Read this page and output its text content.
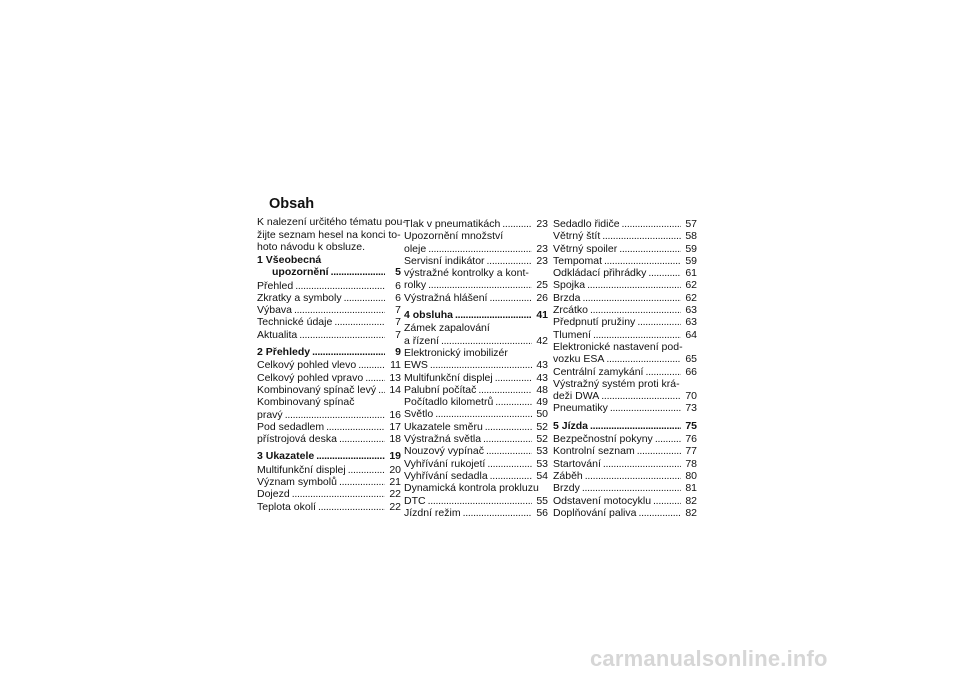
Obsah
K nalezení určitého tématu pou-
žijte seznam hesel na konci to-
hoto návodu k obsluze.
1 Všeobecná
upozornění . . .	5
Přehled . . .	6
Zkratky a symboly . . .	6
Výbava . . .	7
Technické údaje . . .	7
Aktualita . . .	7
2 Přehledy . . .	9
Celkový pohled vlevo . . .	11
Celkový pohled vpravo . . . 13
Kombinovaný spínač levý . . . 14
Kombinovaný spínač
pravý . . .	16
Pod sedadlem . . .	17
přístrojová deska . . .	18
3 Ukazatele . . .	19
Multifunkční displej . . .	20
Význam symbolů . . .	21
Dojezd . . .	22
Teplota okolí . . .	22
Tlak v pneumatikách . . .	23
Upozornění množství
oleje . . .	23
Servisní indikátor . . .	23
výstražné kontrolky a kont-
rolky . . .	25
Výstražná hlášení . . .	26
4 obsluha . . .	41
Zámek zapalování
a řízení . . .	42
Elektronický imobilizér
EWS . . .	43
Multifunkční displej . . .	43
Palubní počítač . . .	48
Počítadlo kilometrů . . .	49
Světlo . . .	50
Ukazatele směru . . .	52
Výstražná světla . . .	52
Nouzový vypínač . . .	53
Vyhřívání rukojetí . . .	53
Vyhřívání sedadla . . .	54
Dynamická kontrola prokluzu
DTC . . .	55
Jízdní režim . . .	56
Sedadlo řidiče . . .	57
Větrný štít . . .	58
Větrný spoiler . . .	59
Tempomat . . .	59
Odkládací přihrádky . . .	61
Spojka . . .	62
Brzda . . .	62
Zrcátko . . .	63
Předpnutí pružiny . . .	63
Tlumení . . .	64
Elektronické nastavení pod-
vozku ESA . . .	65
Centrální zamykání . . .	66
Výstražný systém proti krá-
deži DWA . . .	70
Pneumatiky . . .	73
5 Jízda . . .	75
Bezpečnostní pokyny . . .	76
Kontrolní seznam . . .	77
Startování . . .	78
Záběh . . .	80
Brzdy . . .	81
Odstavení motocyklu . . .	82
Doplňování paliva . . .	82
carmanualsonline.info
